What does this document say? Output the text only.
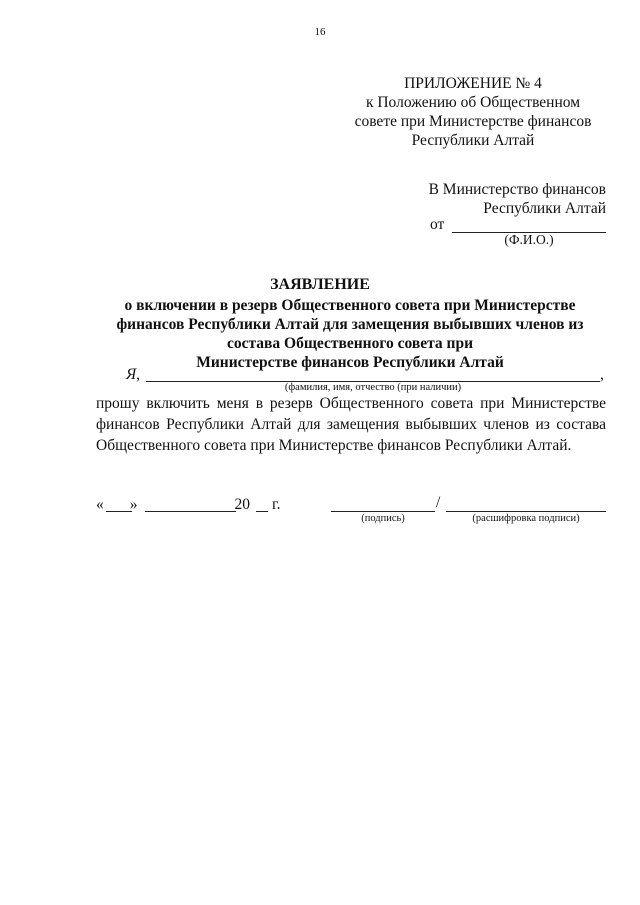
16
ПРИЛОЖЕНИЕ № 4
к Положению об Общественном
совете при Министерстве финансов
Республики Алтай
В Министерство финансов
Республики Алтай
от
(Ф.И.О.)
ЗАЯВЛЕНИЕ
о включении в резерв Общественного совета при Министерстве
финансов Республики Алтай для замещения выбывших членов из
состава Общественного совета при
Министерстве финансов Республики Алтай
Я,	,
(фамилия, имя, отчество (при наличии)
прошу включить меня в резерв Общественного совета при Министерстве
финансов Республики Алтай для замещения выбывших членов из состава
Общественного совета при Министерстве финансов Республики Алтай.
« »	20 г.	/
(подпись)	(расшифровка подписи)
